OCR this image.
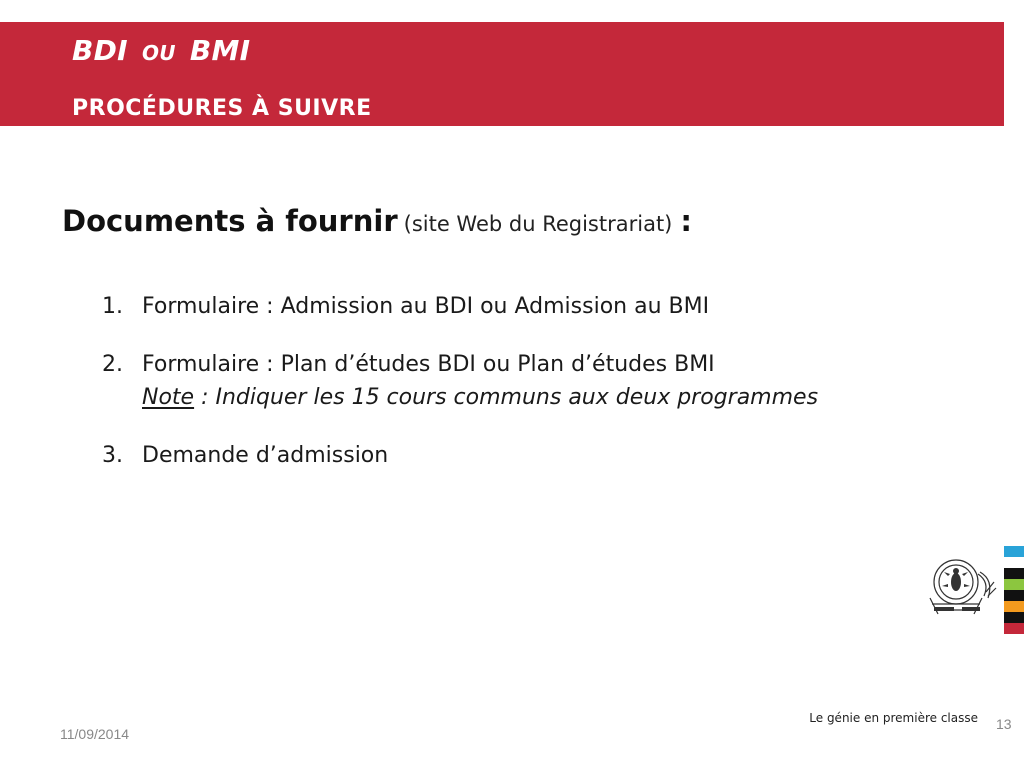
BDI OU BMI
PROCÉDURES À SUIVRE
Documents à fournir (site Web du Registrariat) :
1. Formulaire : Admission au BDI ou Admission au BMI
2. Formulaire : Plan d’études BDI ou Plan d’études BMI
Note : Indiquer les 15 cours communs aux deux programmes
3. Demande d’admission
Le génie en première classe 13
11/09/2014
